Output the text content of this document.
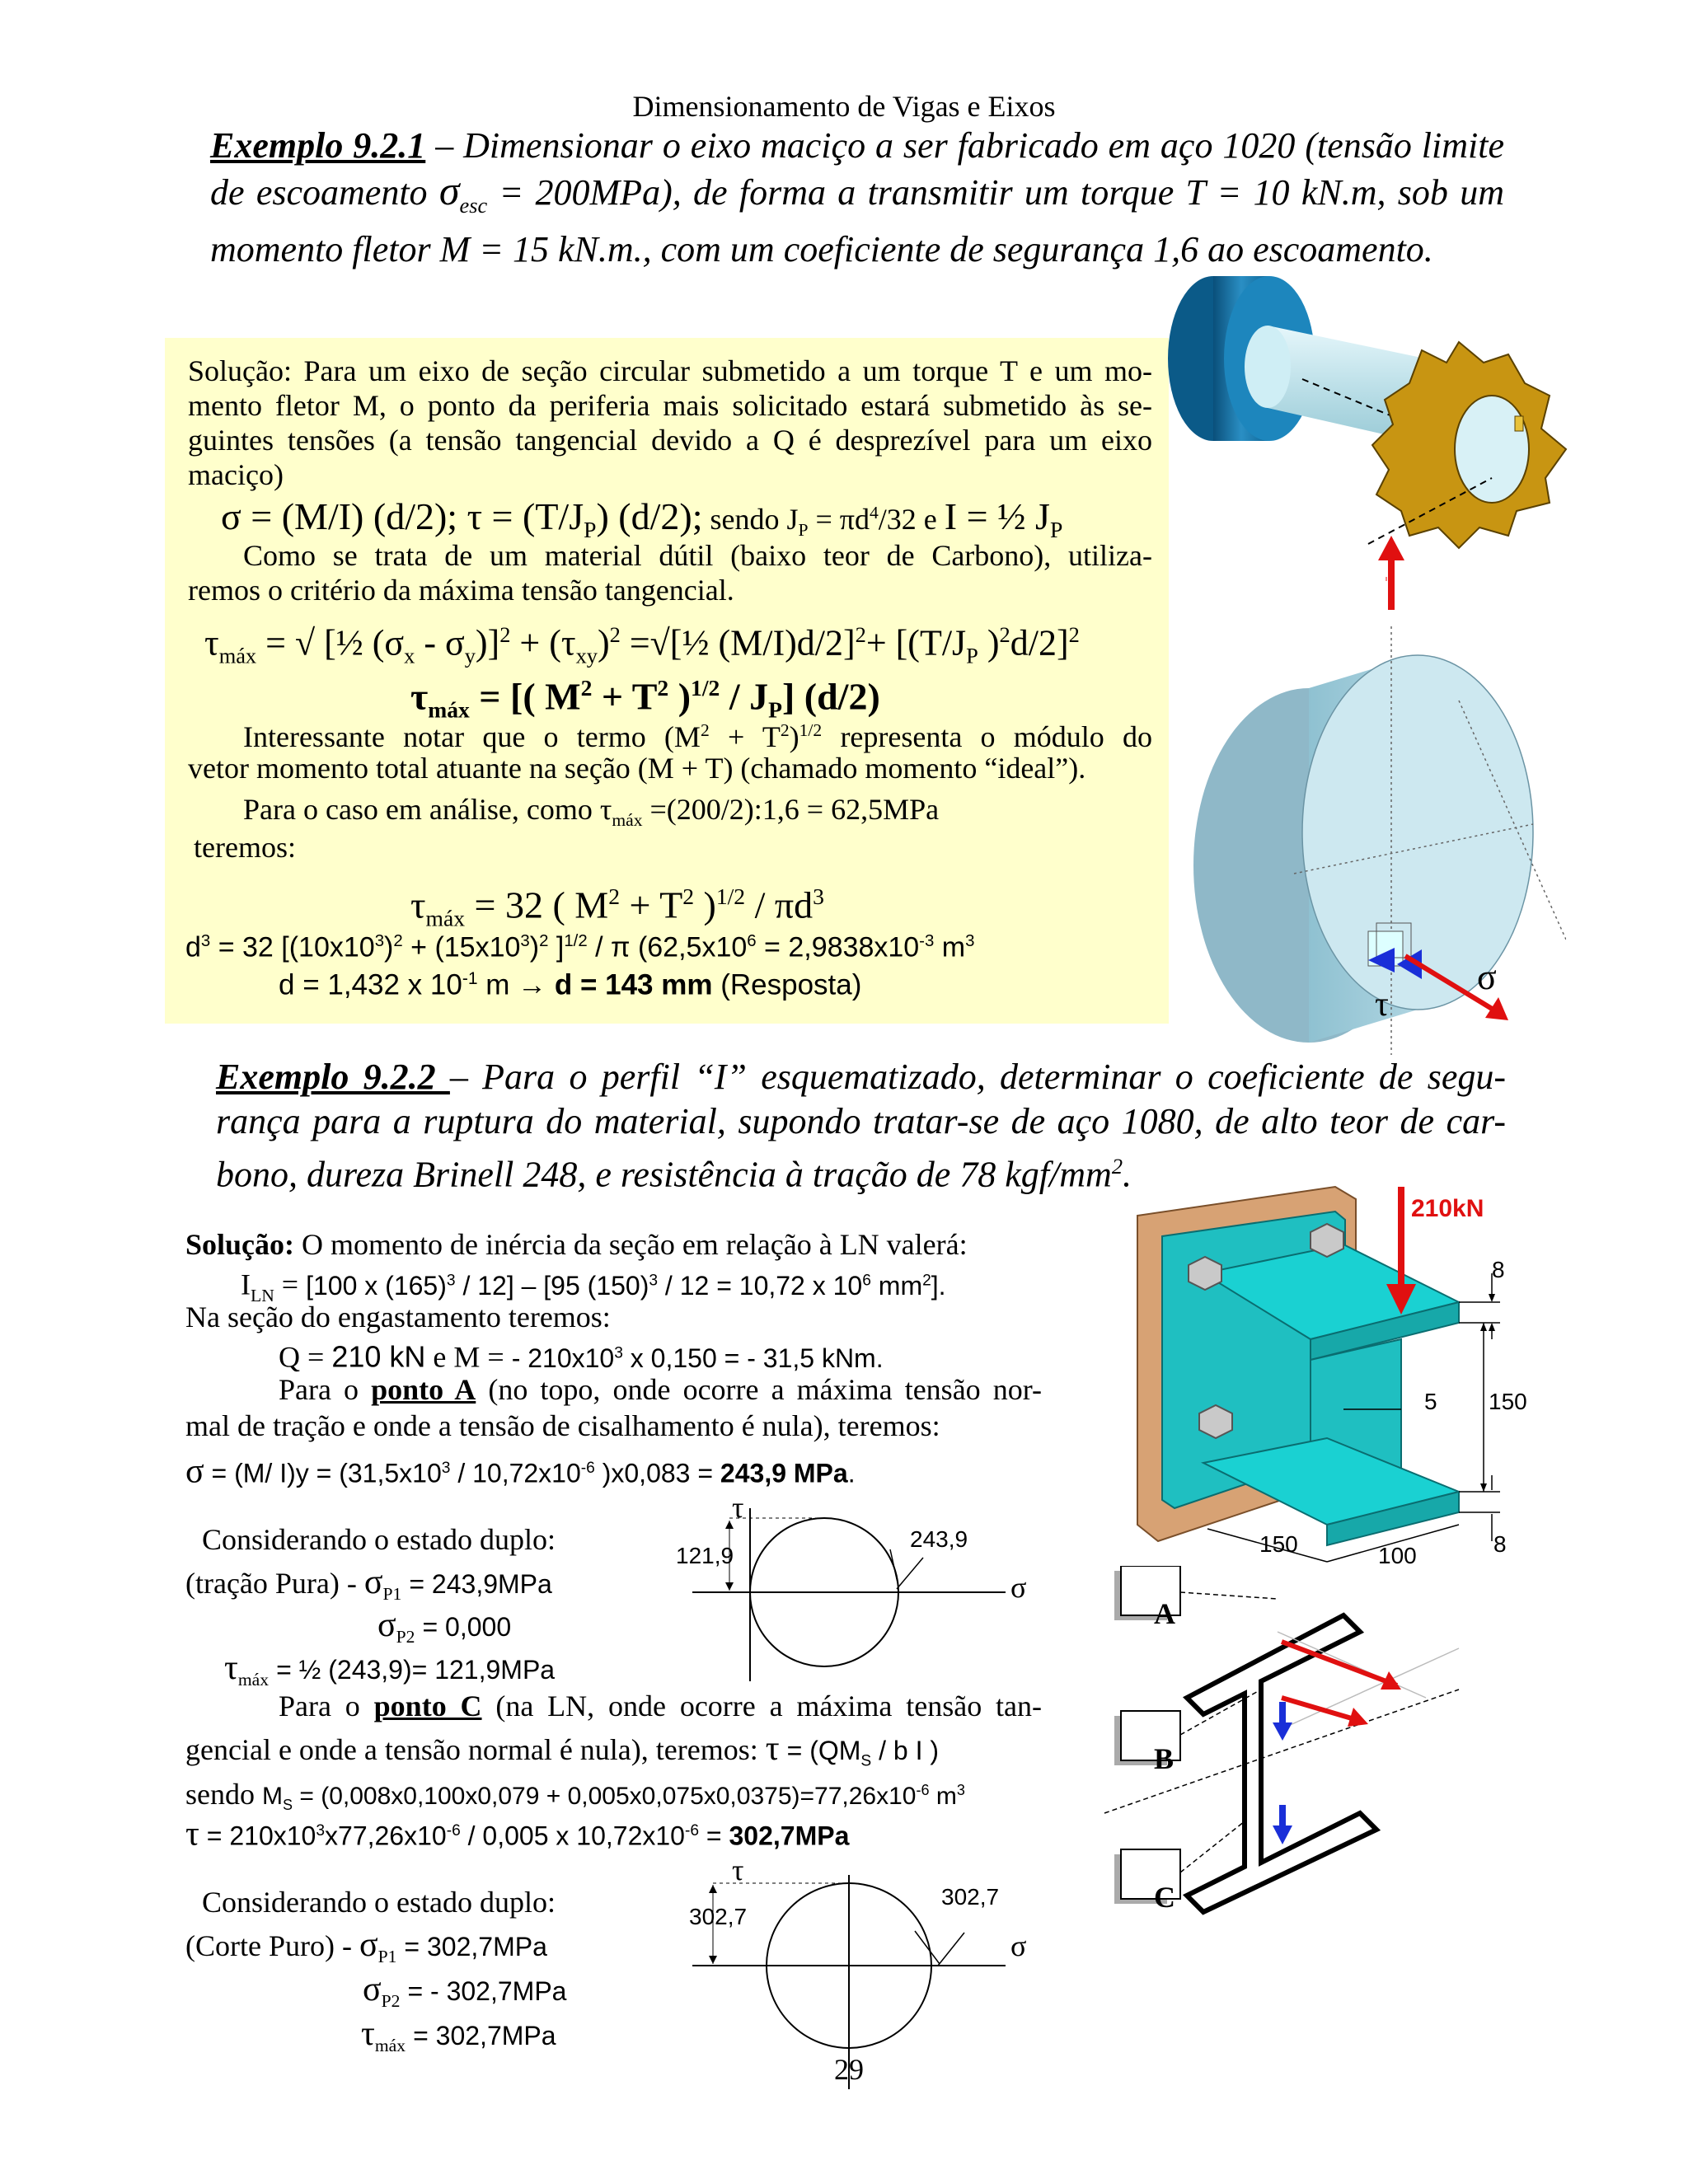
Dimensionamento de Vigas e Eixos
Exemplo 9.2.1 – Dimensionar o eixo maciço a ser fabricado em aço 1020 (tensão limite
de escoamento $\sigma_{esc} = 200MPa$), de forma a transmitir um torque T = 10 kN.m, sob um
momento fletor M = 15 kN.m., com um coeficiente de segurança 1,6 ao escoamento.
Solução: Para um eixo de seção circular submetido a um torque T e um mo-
mento fletor M, o ponto da periferia mais solicitado estará submetido às se-
guintes tensões (a tensão tangencial devido a Q é desprezível para um eixo
maciço)
σ = (M/I) (d/2); $\tau = (T/J_P)$ (d/2); sendo $J_P = \pi d^4/32$ e I = ½ $J_P$
Como se trata de um material dútil (baixo teor de Carbono), utiliza-
remos o critério da máxima tensão tangencial.
$\tau_{máx}$ = √ [½ $(\sigma_x - \sigma_y)]^2 + (\tau_{xy})^2$ =√[½ $(M/I)d/2]^2+ [(T/J_P$ )$^2$d/2]$^2$
$\tau_{máx}$ = [( $M^2 + T^2$ )$^{1/2} / J_P$] (d/2)
Interessante notar que o termo $(M^2 + T^2)^{1/2}$ representa o módulo do
vetor momento total atuante na seção (M + T) (chamado momento “ideal”).
Para o caso em análise, como $\tau_{máx}$ =(200/2):1,6 = 62,5MPa
teremos:
$\tau_{máx} = 32$ ( $M^2 + T^2$ )$^{1/2} / \pi d^3$
$d^3 = 32$ [$(10x10^3)^2 + (15x10^3)^2$ ]$^{1/2}$ / π ($62,5x10^6 = 2,9838x10^{-3}$ $m^3$
d = 1,432 x $10^{-1}$ m → d = 143 mm (Resposta)
τ
σ
Exemplo 9.2.2 – Para o perfil “I” esquematizado, determinar o coeficiente de segu-
rança para a ruptura do material, supondo tratar-se de aço 1080, de alto teor de car-
bono, dureza Brinell 248, e resistência à tração de 78 kgf/$mm^2$.
Solução: O momento de inércia da seção em relação à LN valerá:
$I_{LN} = [100$ x $(165)^3 / 12] - [95$ $(150)^3 / 12 = 10,72$ x $10^6$ $mm^2$].
Na seção do engastamento teremos:
Q = 210 kN e M = - $210x10^3$ x 0,150 = - 31,5 kNm.
Para o ponto A (no topo, onde ocorre a máxima tensão nor-
mal de tração e onde a tensão de cisalhamento é nula), teremos:
σ = (M/ $I)y = (31,5x10^3 / 10,72x10^{-6}$ )x0,083 = 243,9 MPa.
Considerando o estado duplo:
(tração Pura) - $\sigma_{P1} = 243,9MPa$
$\sigma_{P2} = 0,000$
$\tau_{máx}$ = ½ (243,9)= 121,9MPa
Para o ponto C (na LN, onde ocorre a máxima tensão tan-
gencial e onde a tensão normal é nula), teremos: $\tau = (QM_S / b$ I )
sendo $M_S = (0,008x0,100x0,079 + 0,005x0,075x0,0375)=77,26x10^{-6}$ $m^3$
$\tau = 210x10^3x77,26x10^{-6} / 0,005$ x $10,72x10^{-6} = 302,7MPa$
Considerando o estado duplo:
(Corte Puro) - $\sigma_{P1} = 302,7MPa$
$\sigma_{P2}$ = - 302,7MPa
$\tau_{máx} = 302,7MPa$
τ
σ
121,9
243,9
τ
σ
302,7
302,7
210kN
8
150
5
150	100	8
A
B
C
29
